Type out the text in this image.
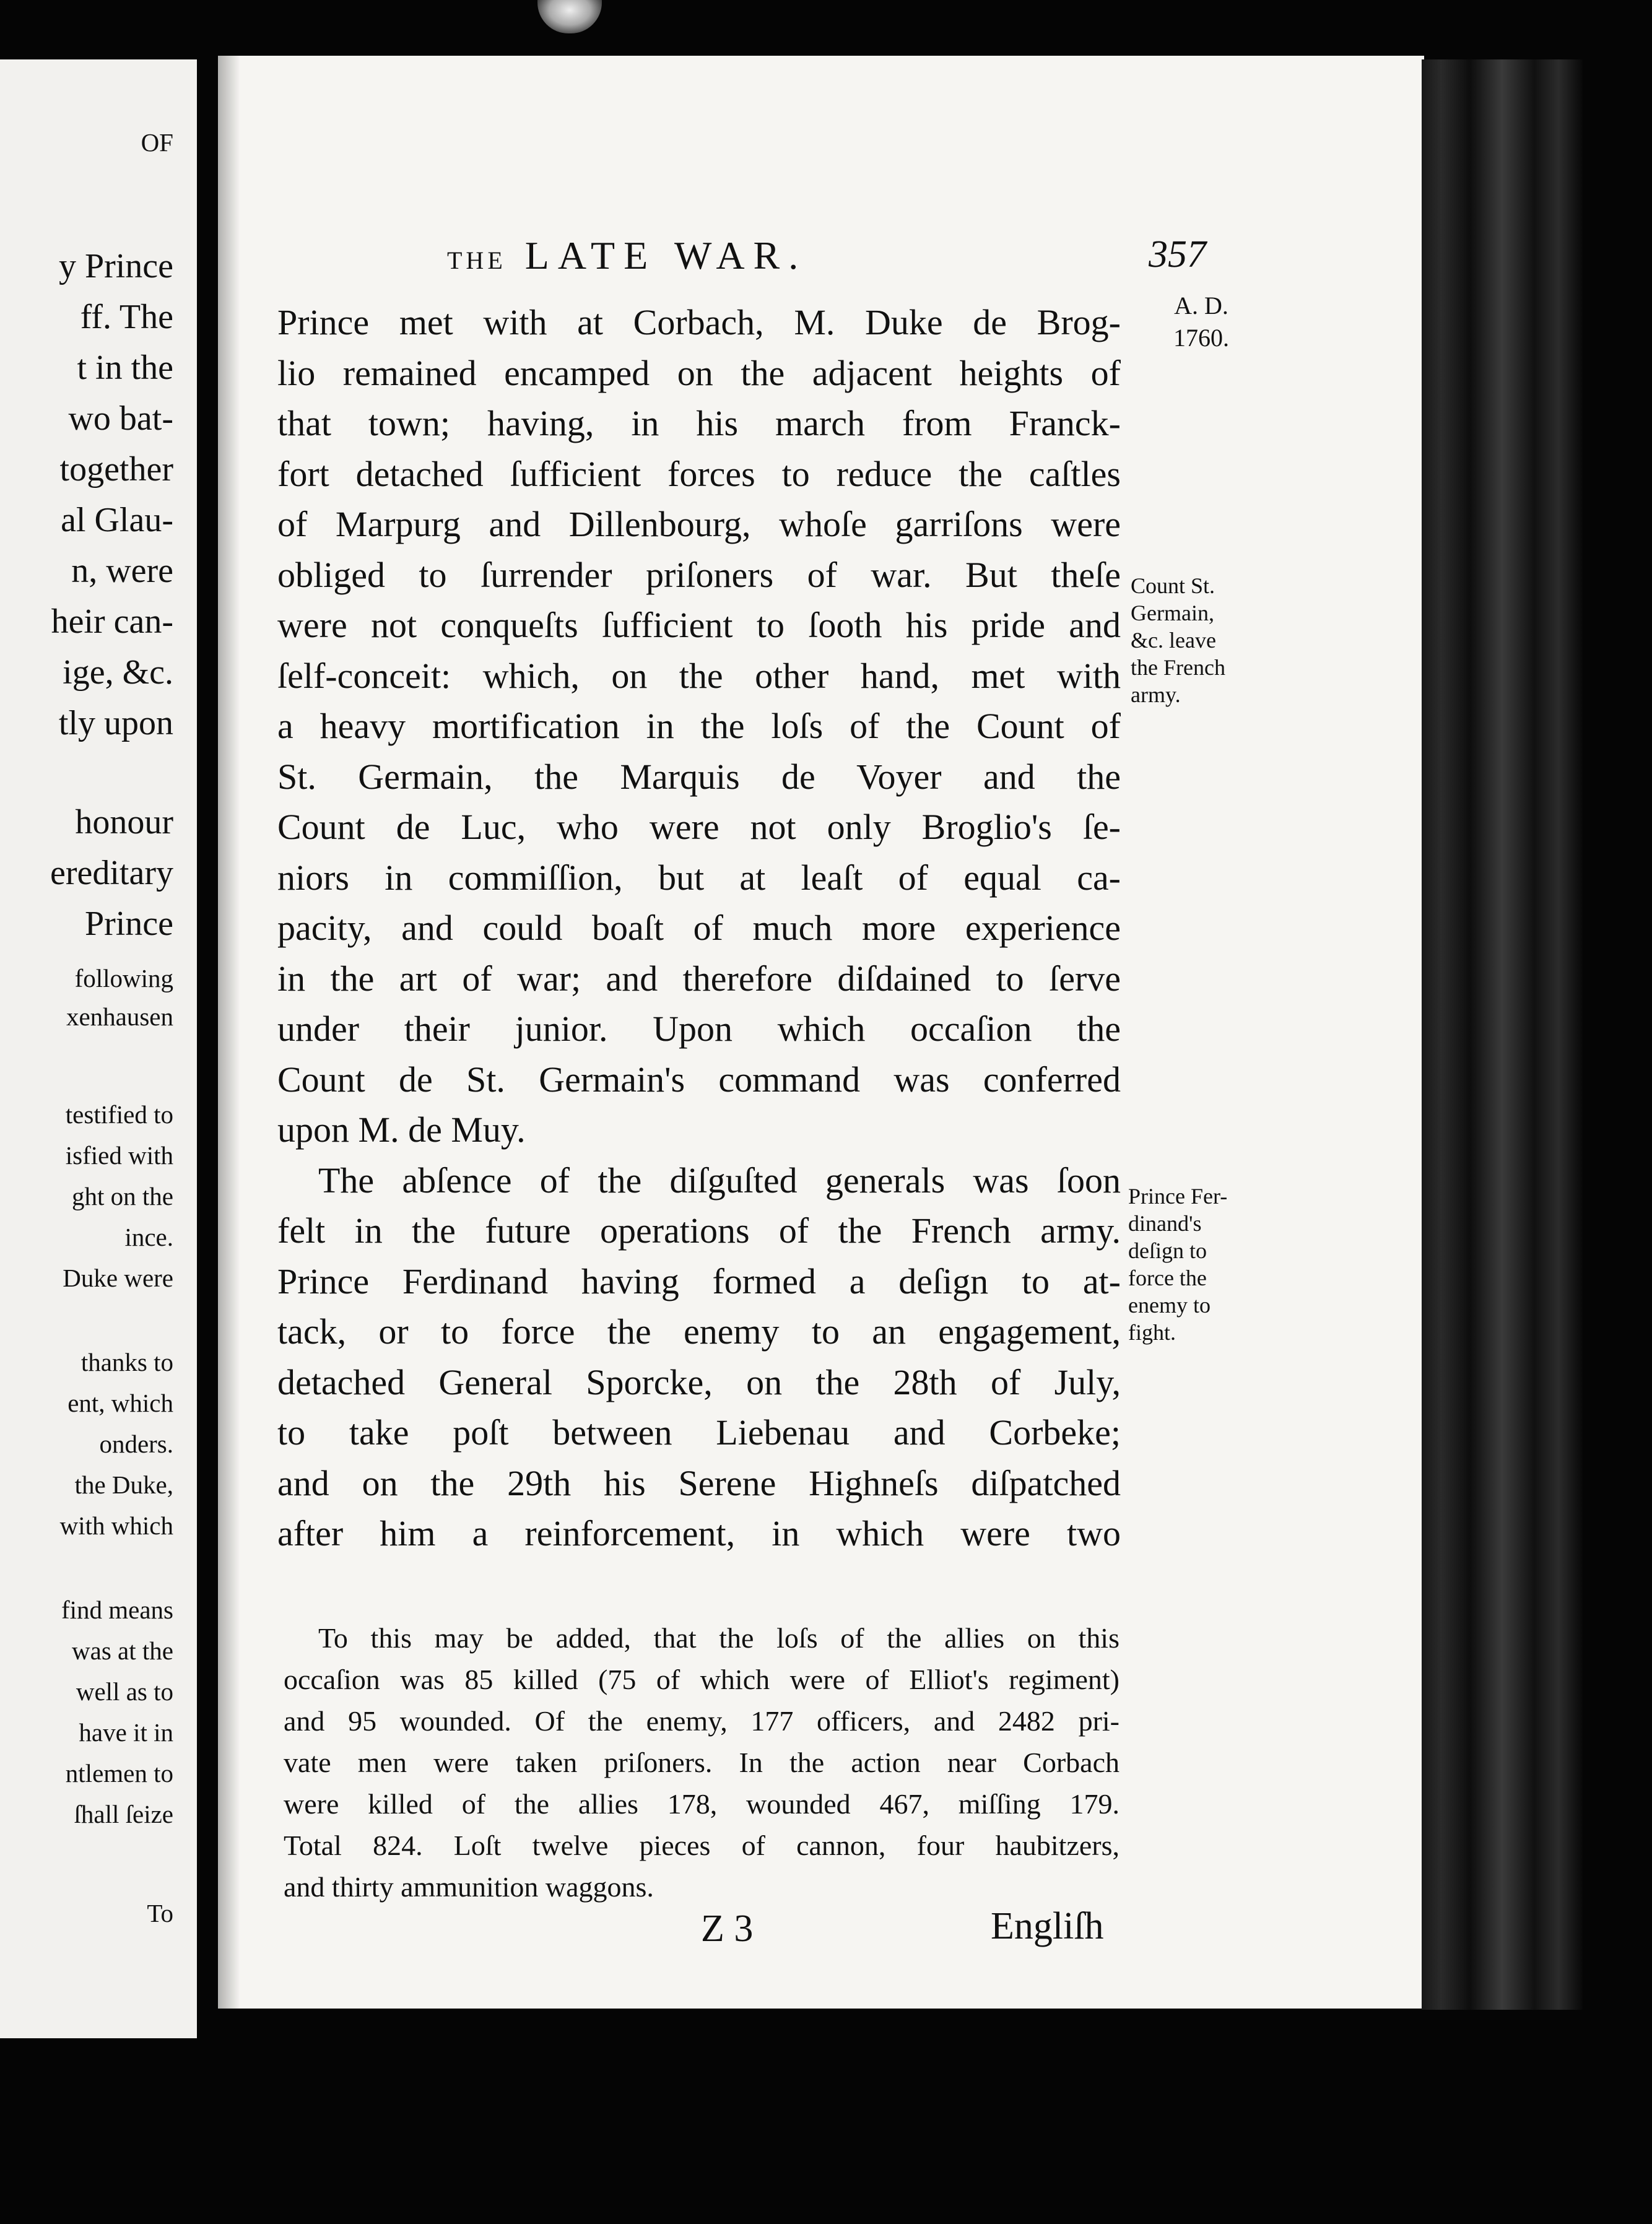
OF
y Prince
ff. The
t in the
wo bat-
together
al Glau-
n, were
heir can-
ige, &c.
tly upon
honour
ereditary
Prince
following
xenhausen
testified to
isfied with
ght on the
ince.
Duke were
thanks to
ent, which
onders.
the Duke,
with which
find means
was at the
well as to
have it in
ntlemen to
ſhall ſeize
To
THE LATE WAR.	357
A. D.
1760.
Prince met with at Corbach, M. Duke de Brog-
lio remained encamped on the adjacent heights of
that town; having, in his march from Franck-
fort detached ſufficient forces to reduce the caſtles
of Marpurg and Dillenbourg, whoſe garriſons were
obliged to ſurrender priſoners of war. But theſe
were not conqueſts ſufficient to ſooth his pride and
ſelf-conceit: which, on the other hand, met with
a heavy mortification in the loſs of the Count of
St. Germain, the Marquis de Voyer and the
Count de Luc, who were not only Broglio's ſe-
niors in commiſſion, but at leaſt of equal ca-
pacity, and could boaſt of much more experience
in the art of war; and therefore diſdained to ſerve
under their junior. Upon which occaſion the
Count de St. Germain's command was conferred
upon M. de Muy.
The abſence of the diſguſted generals was ſoon
felt in the future operations of the French army.
Prince Ferdinand having formed a deſign to at-
tack, or to force the enemy to an engagement,
detached General Sporcke, on the 28th of July,
to take poſt between Liebenau and Corbeke;
and on the 29th his Serene Highneſs diſpatched
after him a reinforcement, in which were two
Count St.
Germain,
&c. leave
the French
army.
Prince Fer-
dinand's
deſign to
force the
enemy to
fight.
To this may be added, that the loſs of the allies on this
occaſion was 85 killed (75 of which were of Elliot's regiment)
and 95 wounded. Of the enemy, 177 officers, and 2482 pri-
vate men were taken priſoners. In the action near Corbach
were killed of the allies 178, wounded 467, miſſing 179.
Total 824. Loſt twelve pieces of cannon, four haubitzers,
and thirty ammunition waggons.
Z 3	Engliſh
